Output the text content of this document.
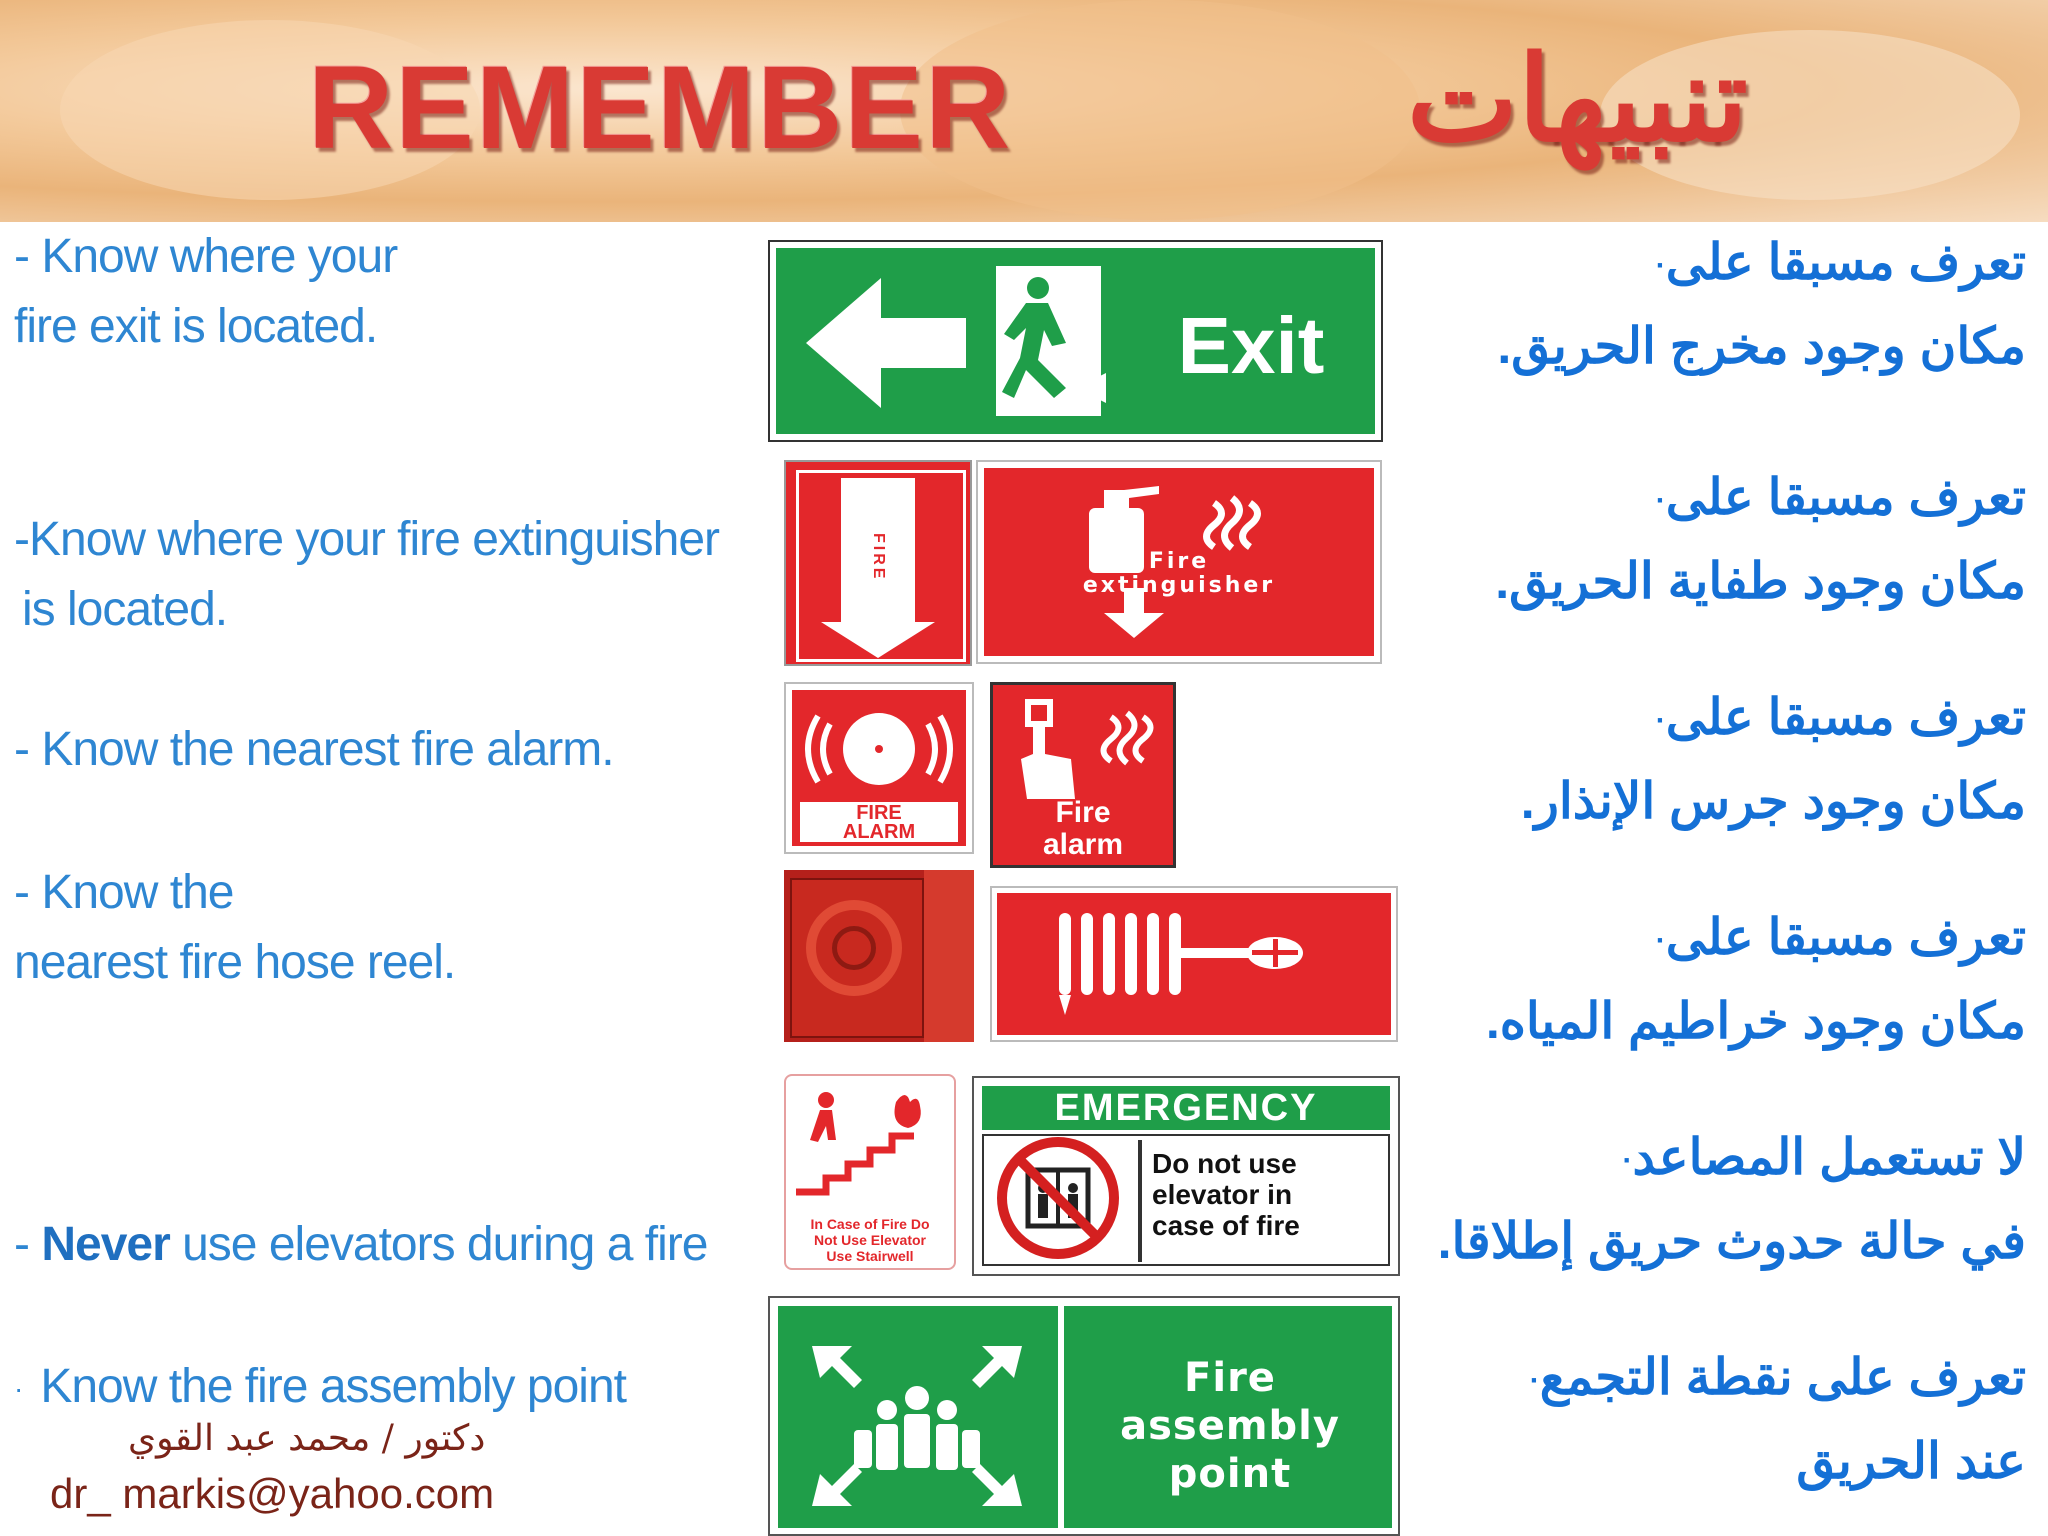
REMEMBER	تنبيهات
- Know where your
fire exit is located.
-Know where your fire extinguisher
is located.
- Know the nearest fire alarm.
- Know the
nearest fire hose reel.
- Never use elevators during a fire
· Know the fire assembly point
تعرف مسبقا على·
مكان وجود مخرج الحريق.
تعرف مسبقا على·
مكان وجود طفاية الحريق.
تعرف مسبقا على·
مكان وجود جرس الإنذار.
تعرف مسبقا على·
مكان وجود خراطيم المياه.
لا تستعمل المصاعد·
في حالة حدوث حريق إطلاقا.
تعرف على نقطة التجمع·
عند الحريق
Exit
FIRE	Fire
extinguisher
FIRE
ALARM
Fire
alarm
In Case of Fire Do
Not Use Elevator
Use Stairwell
EMERGENCY
Do not use
elevator in
case of fire
Fire
assembly
point
دكتور / محمد عبد القوي
dr_ markis@yahoo.com
